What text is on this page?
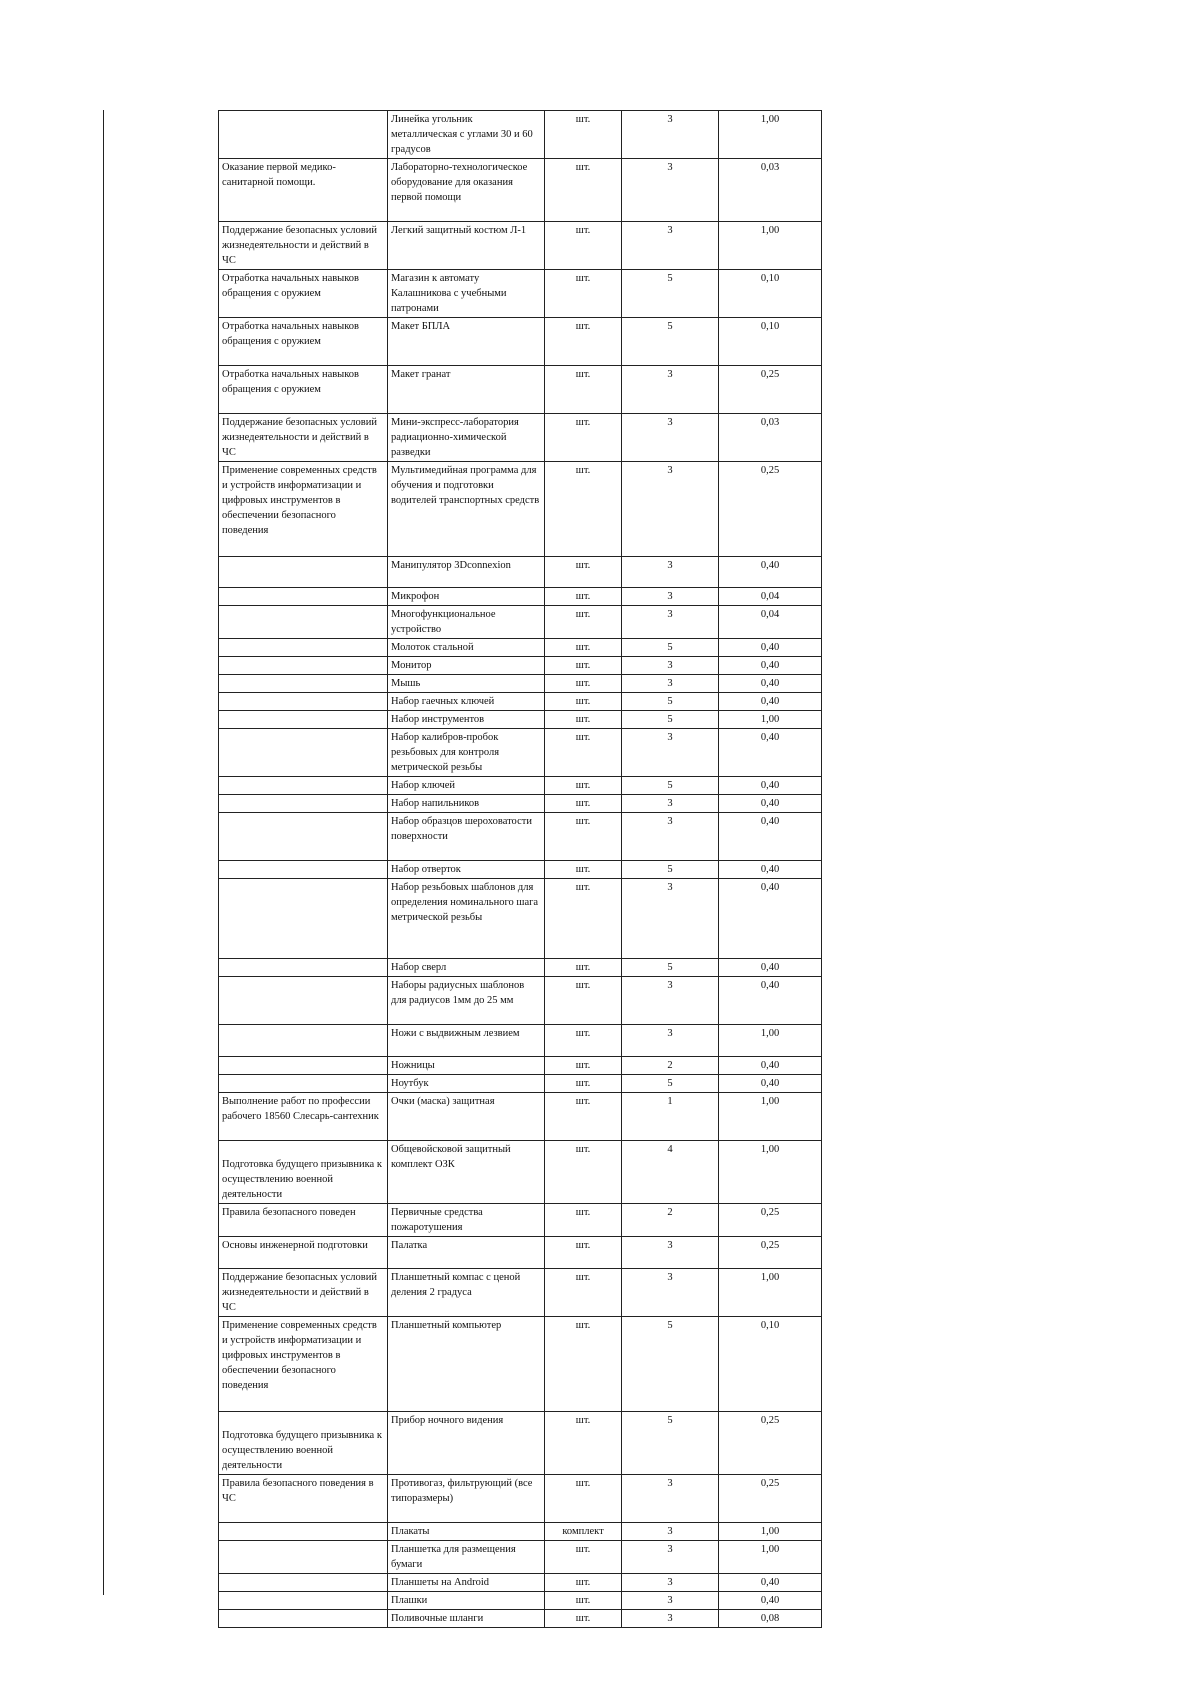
	Линейка угольник металлическая с углами 30 и 60 градусов	шт.	3	1,00
Оказание первой медико-санитарной помощи.	Лабораторно-технологическое оборудование для оказания первой помощи	шт.	3	0,03
Поддержание безопасных условий жизнедеятельности и действий в ЧС	Легкий защитный костюм Л-1	шт.	3	1,00
Отработка начальных навыков обращения с оружием	Магазин к автомату Калашникова с учебными патронами	шт.	5	0,10
Отработка начальных навыков обращения с оружием	Макет БПЛА	шт.	5	0,10
Отработка начальных навыков обращения с оружием	Макет гранат	шт.	3	0,25
Поддержание безопасных условий жизнедеятельности и действий в ЧС	Мини-экспресс-лаборатория радиационно-химической разведки	шт.	3	0,03
Применение современных средств и устройств информатизации и цифровых инструментов в обеспечении безопасного поведения	Мультимедийная программа для обучения и подготовки водителей транспортных средств	шт.	3	0,25
	Манипулятор 3Dconnexion	шт.	3	0,40
	Микрофон	шт.	3	0,04
	Многофункциональное устройство	шт.	3	0,04
	Молоток стальной	шт.	5	0,40
	Монитор	шт.	3	0,40
	Мышь	шт.	3	0,40
	Набор гаечных ключей	шт.	5	0,40
	Набор инструментов	шт.	5	1,00
	Набор калибров-пробок резьбовых для контроля метрической резьбы	шт.	3	0,40
	Набор ключей	шт.	5	0,40
	Набор напильников	шт.	3	0,40
	Набор образцов шероховатости поверхности	шт.	3	0,40
	Набор отверток	шт.	5	0,40
	Набор резьбовых шаблонов для определения номинального шага метрической резьбы	шт.	3	0,40
	Набор сверл	шт.	5	0,40
	Наборы радиусных шаблонов для радиусов 1мм до 25 мм	шт.	3	0,40
	Ножи с выдвижным лезвием	шт.	3	1,00
	Ножницы	шт.	2	0,40
	Ноутбук	шт.	5	0,40
Выполнение работ по профессии рабочего 18560 Слесарь-сантехник	Очки (маска) защитная	шт.	1	1,00
Подготовка будущего призывника к осуществлению военной деятельности	Общевойсковой защитный комплект ОЗК	шт.	4	1,00
Правила безопасного поведен	Первичные средства пожаротушения	шт.	2	0,25
Основы инженерной подготовки	Палатка	шт.	3	0,25
Поддержание безопасных условий жизнедеятельности и действий в ЧС	Планшетный компас с ценой деления 2 градуса	шт.	3	1,00
Применение современных средств и устройств информатизации и цифровых инструментов в обеспечении безопасного поведения	Планшетный компьютер	шт.	5	0,10
Подготовка будущего призывника к осуществлению военной деятельности	Прибор ночного видения	шт.	5	0,25
Правила безопасного поведения в ЧС	Противогаз, фильтрующий (все типоразмеры)	шт.	3	0,25
	Плакаты	комплект	3	1,00
	Планшетка для размещения бумаги	шт.	3	1,00
	Планшеты на Android	шт.	3	0,40
	Плашки	шт.	3	0,40
	Поливочные шланги	шт.	3	0,08
